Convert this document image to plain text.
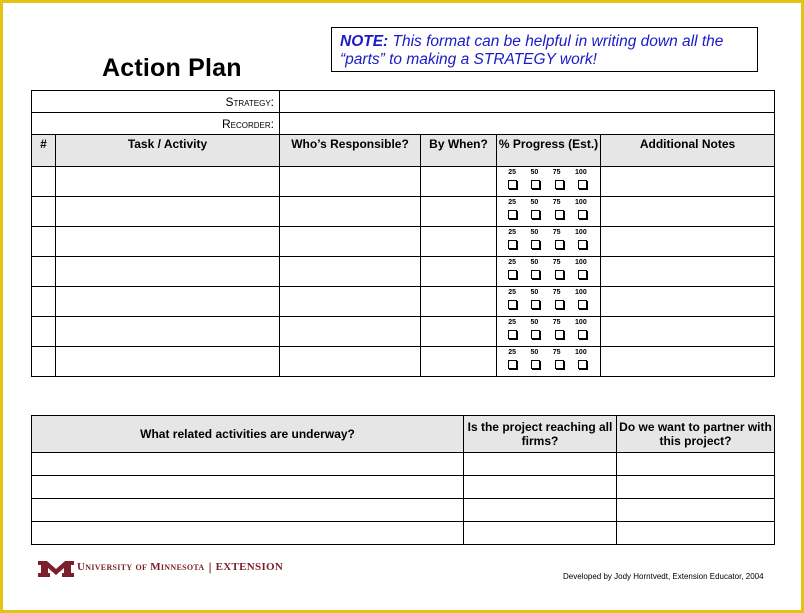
Action Plan
NOTE: This format can be helpful in writing down all the “parts” to making a STRATEGY work!
Strategy:					
Recorder:					
#	Task / Activity	Who’s Responsible?	By When?	% Progress (Est.)	Additional Notes

				25 50 75 100	

				25 50 75 100	

				25 50 75 100	

				25 50 75 100	

				25 50 75 100	

				25 50 75 100	

				25 50 75 100	

What related activities are underway?	Is the project reaching all firms?	Do we want to partner with this project?

University of Minnesota | EXTENSION
Developed by Jody Horntvedt, Extension Educator, 2004
